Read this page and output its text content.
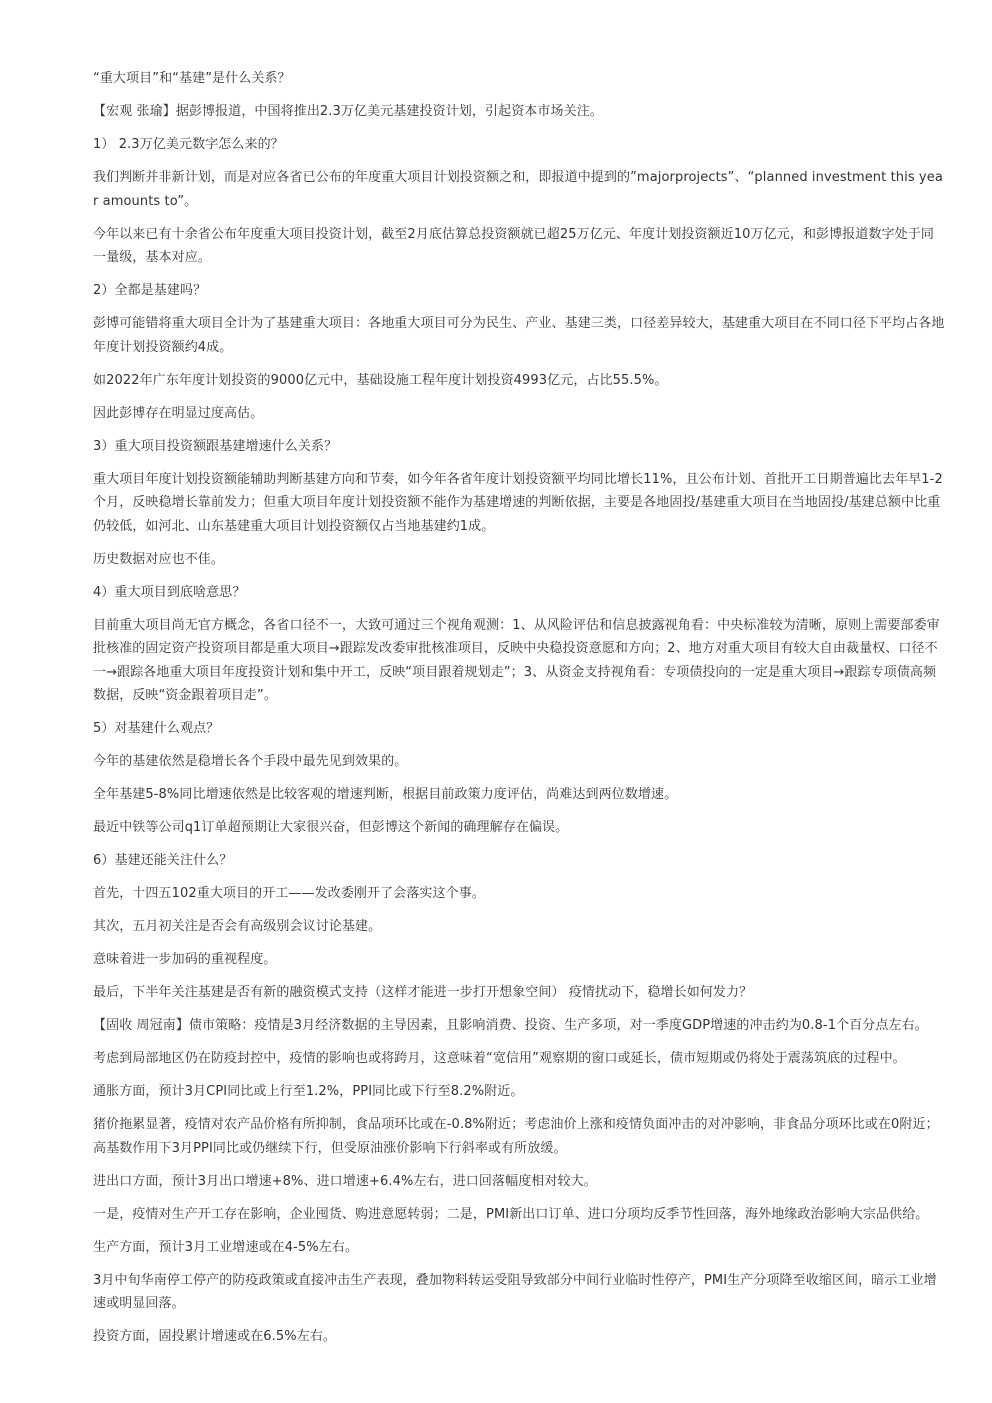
“重大项目”和“基建”是什么关系？

【宏观 张瑜】据彭博报道，中国将推出2.3万亿美元基建投资计划，引起资本市场关注。

1） 2.3万亿美元数字怎么来的？

我们判断并非新计划，而是对应各省已公布的年度重大项目计划投资额之和，即报道中提到的”majorprojects”、“planned investment this year amounts to”。

今年以来已有十余省公布年度重大项目投资计划，截至2月底估算总投资额就已超25万亿元、年度计划投资额近10万亿元，和彭博报道数字处于同一量级，基本对应。

2）全都是基建吗？

彭博可能错将重大项目全计为了基建重大项目：各地重大项目可分为民生、产业、基建三类，口径差异较大，基建重大项目在不同口径下平均占各地年度计划投资额约4成。

如2022年广东年度计划投资的9000亿元中，基础设施工程年度计划投资4993亿元，占比55.5%。

因此彭博存在明显过度高估。

3）重大项目投资额跟基建增速什么关系？

重大项目年度计划投资额能辅助判断基建方向和节奏，如今年各省年度计划投资额平均同比增长11%，且公布计划、首批开工日期普遍比去年早1-2个月，反映稳增长靠前发力；但重大项目年度计划投资额不能作为基建增速的判断依据，主要是各地固投/基建重大项目在当地固投/基建总额中比重仍较低，如河北、山东基建重大项目计划投资额仅占当地基建约1成。

历史数据对应也不佳。

4）重大项目到底啥意思？

目前重大项目尚无官方概念，各省口径不一，大致可通过三个视角观测：1、从风险评估和信息披露视角看：中央标准较为清晰，原则上需要部委审批核准的固定资产投资项目都是重大项目→跟踪发改委审批核准项目，反映中央稳投资意愿和方向；2、地方对重大项目有较大自由裁量权、口径不一→跟踪各地重大项目年度投资计划和集中开工，反映“项目跟着规划走”；3、从资金支持视角看：专项债投向的一定是重大项目→跟踪专项债高频数据，反映“资金跟着项目走”。

5）对基建什么观点？

今年的基建依然是稳增长各个手段中最先见到效果的。

全年基建5-8%同比增速依然是比较客观的增速判断，根据目前政策力度评估，尚难达到两位数增速。

最近中铁等公司q1订单超预期让大家很兴奋，但彭博这个新闻的确理解存在偏误。

6）基建还能关注什么？

首先，十四五102重大项目的开工——发改委刚开了会落实这个事。

其次，五月初关注是否会有高级别会议讨论基建。

意味着进一步加码的重视程度。

最后，下半年关注基建是否有新的融资模式支持（这样才能进一步打开想象空间） 疫情扰动下，稳增长如何发力？

【固收 周冠南】债市策略：疫情是3月经济数据的主导因素，且影响消费、投资、生产多项，对一季度GDP增速的冲击约为0.8-1个百分点左右。

考虑到局部地区仍在防疫封控中，疫情的影响也或将跨月，这意味着“宽信用”观察期的窗口或延长，债市短期或仍将处于震荡筑底的过程中。

通胀方面，预计3月CPI同比或上行至1.2%，PPI同比或下行至8.2%附近。

猪价拖累显著，疫情对农产品价格有所抑制，食品项环比或在-0.8%附近；考虑油价上涨和疫情负面冲击的对冲影响，非食品分项环比或在0附近；高基数作用下3月PPI同比或仍继续下行，但受原油涨价影响下行斜率或有所放缓。

进出口方面，预计3月出口增速+8%、进口增速+6.4%左右，进口回落幅度相对较大。

一是，疫情对生产开工存在影响，企业囤货、购进意愿转弱；二是，PMI新出口订单、进口分项均反季节性回落，海外地缘政治影响大宗品供给。

生产方面，预计3月工业增速或在4-5%左右。

3月中旬华南停工停产的防疫政策或直接冲击生产表现，叠加物料转运受阻导致部分中间行业临时性停产，PMI生产分项降至收缩区间，暗示工业增速或明显回落。

投资方面，固投累计增速或在6.5%左右。
